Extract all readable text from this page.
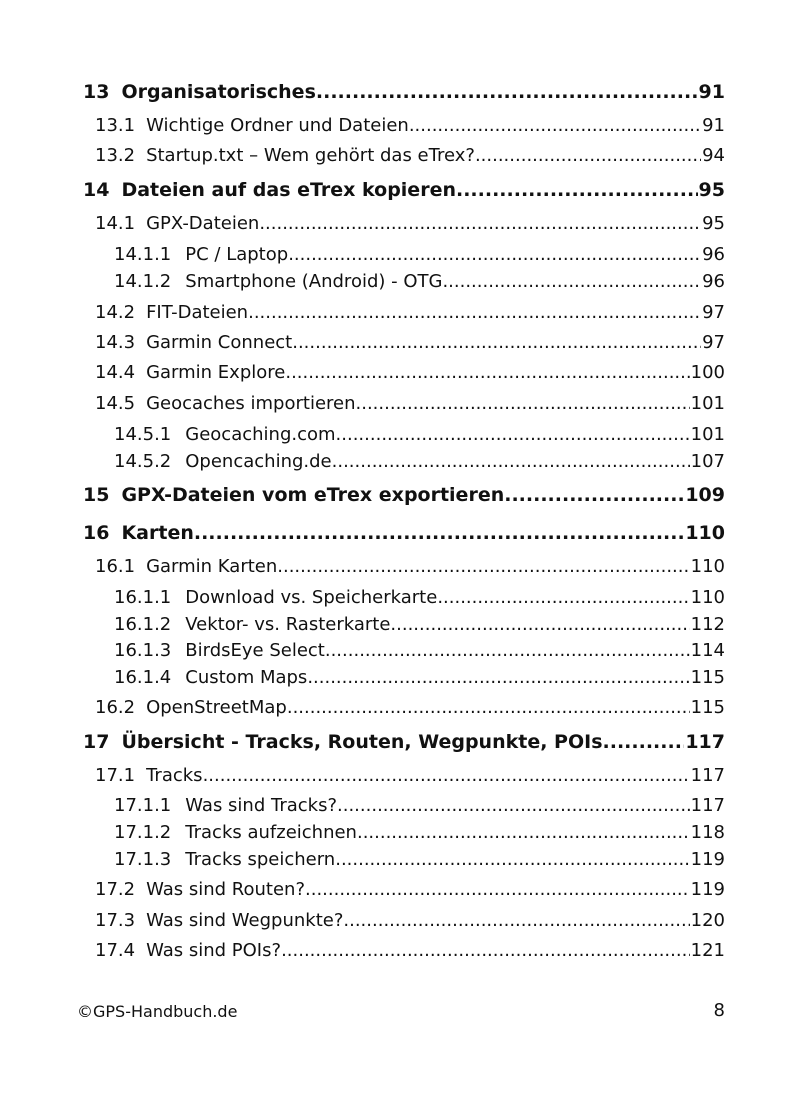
13 Organisatorisches .....	91
13.1 Wichtige Ordner und Dateien .....	91
13.2 Startup.txt – Wem gehört das eTrex? .....	94
14 Dateien auf das eTrex kopieren .....	95
14.1 GPX-Dateien .....	95
14.1.1 PC / Laptop .....	96
14.1.2 Smartphone (Android) - OTG .....	96
14.2 FIT-Dateien .....	97
14.3 Garmin Connect .....	97
14.4 Garmin Explore .....	100
14.5 Geocaches importieren .....	101
14.5.1 Geocaching.com .....	101
14.5.2 Opencaching.de .....	107
15 GPX-Dateien vom eTrex exportieren .....	109
16 Karten .....	110
16.1 Garmin Karten .....	110
16.1.1 Download vs. Speicherkarte .....	110
16.1.2 Vektor- vs. Rasterkarte .....	112
16.1.3 BirdsEye Select .....	114
16.1.4 Custom Maps .....	115
16.2 OpenStreetMap .....	115
17 Übersicht - Tracks, Routen, Wegpunkte, POIs .....	117
17.1 Tracks .....	117
17.1.1 Was sind Tracks? .....	117
17.1.2 Tracks aufzeichnen .....	118
17.1.3 Tracks speichern .....	119
17.2 Was sind Routen? .....	119
17.3 Was sind Wegpunkte? .....	120
17.4 Was sind POIs? .....	121
©GPS-Handbuch.de	8
